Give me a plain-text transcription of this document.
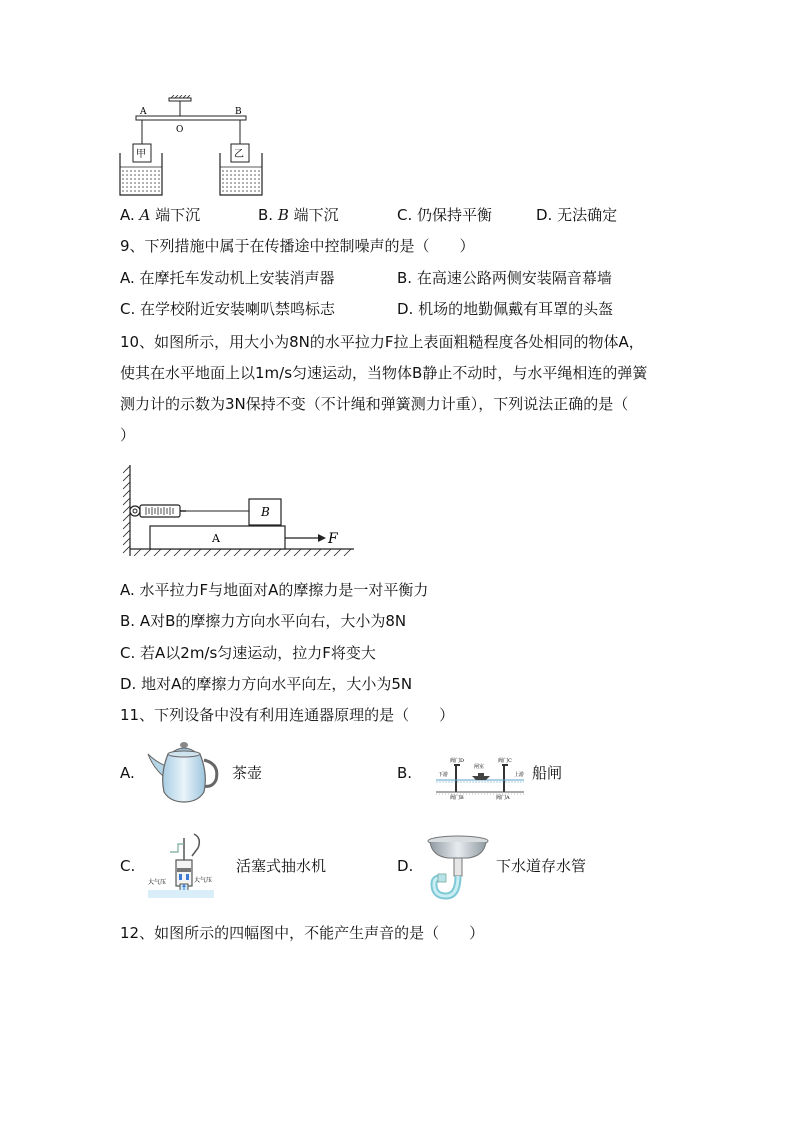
A
O
B
甲	乙
A. A 端下沉	B. B 端下沉	C. 仍保持平衡	D. 无法确定
9、下列措施中属于在传播途中控制噪声的是（　　）
A. 在摩托车发动机上安装消声器	B. 在高速公路两侧安装隔音幕墙
C. 在学校附近安装喇叭禁鸣标志	D. 机场的地勤佩戴有耳罩的头盔
10、如图所示，用大小为8N的水平拉力F拉上表面粗糙程度各处相同的物体A，
使其在水平地面上以1m/s匀速运动，当物体B静止不动时，与水平绳相连的弹簧
测力计的示数为3N保持不变（不计绳和弹簧测力计重），下列说法正确的是（
）
B
A	F
A. 水平拉力F与地面对A的摩擦力是一对平衡力
B. A对B的摩擦力方向水平向右，大小为8N
C. 若A以2m/s匀速运动，拉力F将变大
D. 地对A的摩擦力方向水平向左，大小为5N
11、下列设备中没有利用连通器原理的是（　　）
A.	茶壶	B.
阀门D	阀门C
闸室
下游	上游
阀门B	阀门A
船闸
C.
大气压	大气压
活塞式抽水机	D.	下水道存水管
12、如图所示的四幅图中，不能产生声音的是（　　）
